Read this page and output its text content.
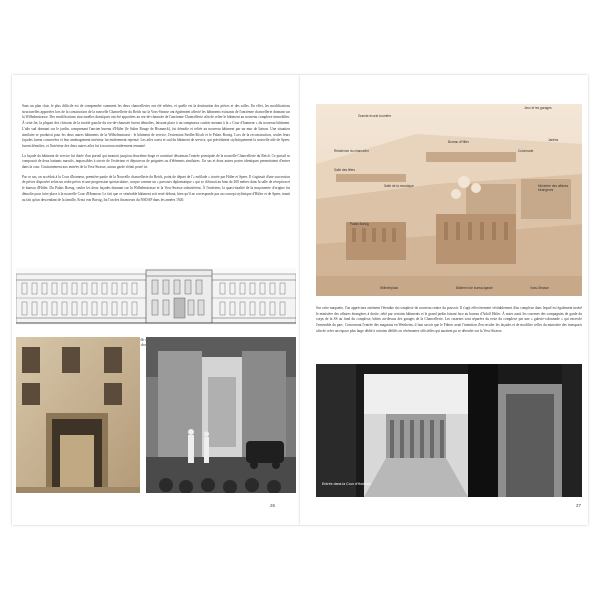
Sans un plan clair, le plus difficile est de comprendre comment les deux chancelleries ont été reliées, et quelle est la destination des pièces et des salles. En effet, les modifications structurelles apportées lors de la construction de la nouvelle Chancellerie du Reich sur la Voss-Strasse ont également affecté les bâtiments existants de l'ancienne chancellerie donnant sur la Wilhelmstrasse. Des modifications structurelles drastiques ont été apportées au rez-de-chaussée de l'ancienne Chancellerie afin de relier le bâtiment au nouveau complexe immobilier. À cette fin, la plupart des cloisons de la moitié gauche du rez-de-chaussée furent démolies, laissant place à un somptueux couloir menant à la « Cour d'honneur » du nouveau bâtiment. L'aile sud donnant sur le jardin, comprenant l'ancien bureau d'Hitler (le Salon Rouge de Bismarck), fut démolie et reliée au nouveau bâtiment par un mur de liaison. Une situation similaire se produisit pour les deux autres bâtiments de la Wilhelmstrasse : le bâtiment de service, l'extension Siedler/Kisch et le Palais Borsig. Lors de la reconstruction, seules leurs façades furent conservées et leur aménagement intérieur fut entièrement repensé. Les ailes ouest et sud du bâtiment de service, qui précédaient stylistiquement la nouvelle aile de Speer, furent démolies, et l'intérieur des deux autres ailes fut à nouveau entièrement remanié.

La façade du bâtiment de service fut dotée d'un portail qui montait jusqu'au deuxième étage et constitué désormais l'entrée principale de la nouvelle Chancellerie du Reich. Ce portail se composait de deux battants massifs, impossibles à ouvrir de l'extérieur et dépourvus de poignées ou d'éléments similaires. Un sas et deux autres portes identiques permettaient d'entrer dans la cour. Contrairement aux entrées de la Voss-Strasse, aucun garde n'était posté ici.

Par ce sas, on accédait à la Cour d'honneur, première partie de la Nouvelle chancellerie du Reich, point de départ de l'« enfilade » tracée par Hitler et Speer. Il s'agissait d'une succession de pièces disposées selon un ordre précis et une progression spectaculaire, conçue comme un « parcours diplomatique » qui se clôturait au bout de 200 mètres dans la salle de réception et le bureau d'Hitler. Du Palais Borsig, seules les deux façades donnant sur la Wilhelmstrasse et la Voss-Strasse subsistèrent. À l'intérieur, la quasi-totalité de la maçonnerie d'origine fut démolie pour faire place à la nouvelle Cour d'Honneur. Le fait que ce vénérable bâtiment soit resté debout, bien qu'il ne corresponde pas au concept stylistique d'Hitler et de Speer, tenait au fait qu'un descendant de la famille, Ernst von Borsig, fut l'un des financeurs du NSDAP dans les années 1920.

26
Grande écurie-fourrière
Jeux et les garages
Résidence du chancelier
Salle des fêtes
Jardins
Bureau d'Hitler
Colonnade
Salle de la mosaïque	Ministère des affaires étrangères
Palais Borsig
Wilhelmplatz	Bâtiment de bureau/garde	Voss-Strasse

Sur cette maquette, l'on appréciera aisément l'étendue du complexe du nouveau centre du pouvoir. Il s'agit effectivement véritablement d'un complexe dans lequel est également inséré le ministère des affaires étrangères à droite, relié par certains bâtiments et le grand jardin faisant face au bureau d'Adolf Hitler. À noter aussi les casernes des compagnies de garde du corps de la SS au fond du complexe, bâties au-dessus des garages de la Chancellerie. Les casernes sont séparées du reste du complexe par une « galerie-colonnade » qui encercle l'ensemble du parc. Concernant l'entrée des magasins en Wertheim, il faut savoir que le Führer avait l'intention d'en reculer les façades et de modifier celles du ministère des transports afin de créer un espace plus large dédié à certains défilés ou cérémonies officielles qui auraient pu se dérouler sur la Voss-Strasse.

Entrée dans la Cour d'Honneur
27
